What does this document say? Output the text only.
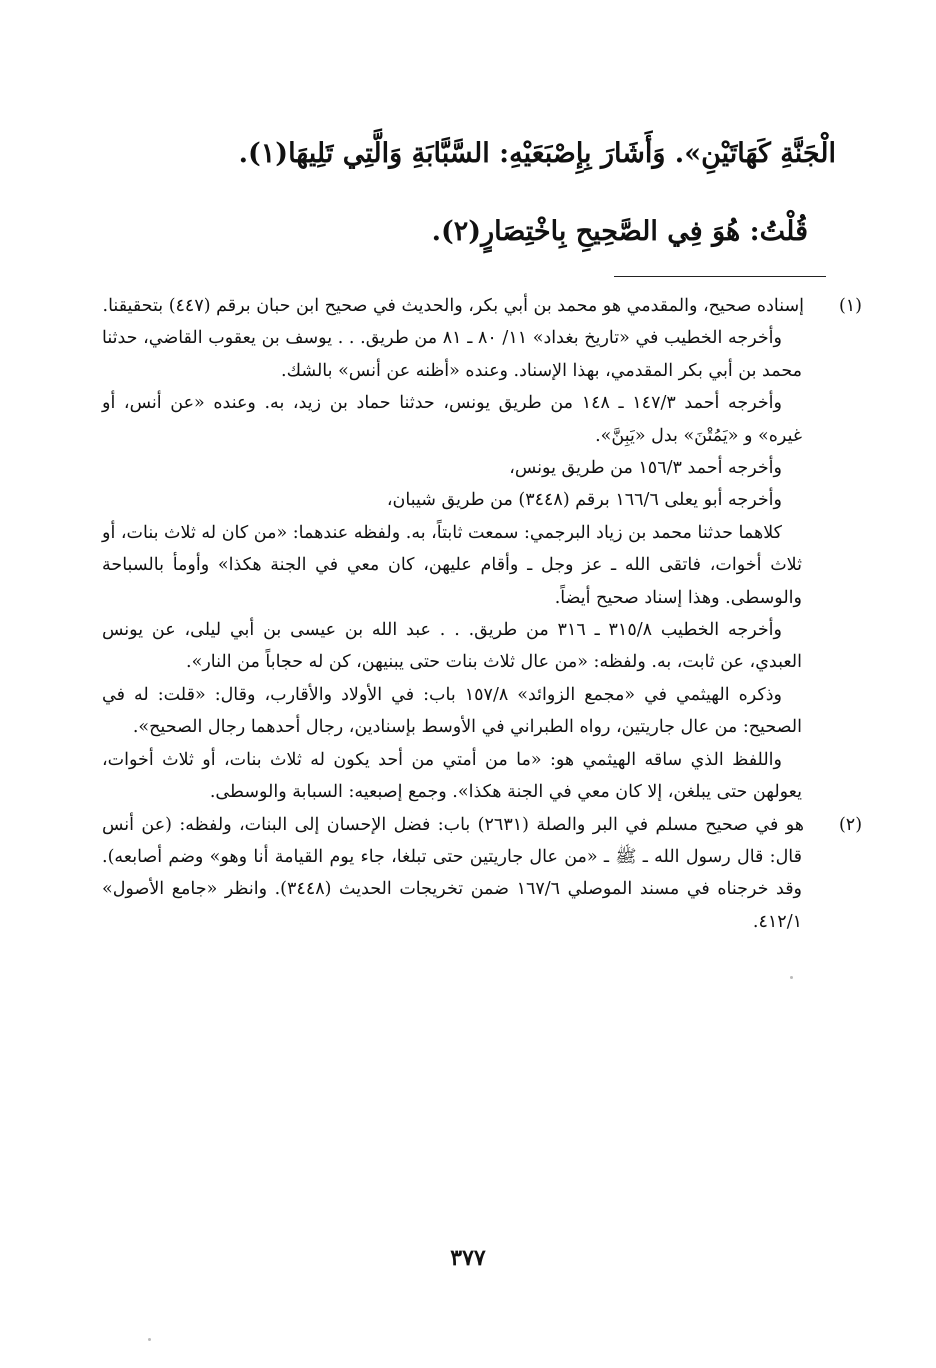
الْجَنَّةِ كَهَاتَيْنِ». وَأَشَارَ بِإِصْبَعَيْهِ: السَّبَّابَةِ وَالَّتِي تَلِيهَا(١).
قُلْتُ: هُوَ فِي الصَّحِيحِ بِاخْتِصَارٍ(٢).

(١)إسناده صحيح، والمقدمي هو محمد بن أبي بكر، والحديث في صحيح ابن حبان برقم (٤٤٧) بتحقيقنا.

وأخرجه الخطيب في «تاريخ بغداد» ١١/ ٨٠ ـ ٨١ من طريق. . . يوسف بن يعقوب القاضي، حدثنا محمد بن أبي بكر المقدمي، بهذا الإسناد. وعنده «أظنه عن أنس» بالشك.

وأخرجه أحمد ١٤٧/٣ ـ ١٤٨ من طريق يونس، حدثنا حماد بن زيد، به. وعنده «عن أنس، أو غيره» و «يَمُتْنَ» بدل «يَبِنَّ».

وأخرجه أحمد ١٥٦/٣ من طريق يونس،

وأخرجه أبو يعلى ١٦٦/٦ برقم (٣٤٤٨) من طريق شيبان،

كلاهما حدثنا محمد بن زياد البرجمي: سمعت ثابتاً، به. ولفظه عندهما: «من كان له ثلاث بنات، أو ثلاث أخوات، فاتقى الله ـ عز وجل ـ وأقام عليهن، كان معي في الجنة هكذا» وأومأ بالسباحة والوسطى. وهذا إسناد صحيح أيضاً.

وأخرجه الخطيب ٣١٥/٨ ـ ٣١٦ من طريق. . . عبد الله بن عيسى بن أبي ليلى، عن يونس العبدي، عن ثابت، به. ولفظه: «من عال ثلاث بنات حتى يبنيهن، كن له حجاباً من النار».

وذكره الهيثمي في «مجمع الزوائد» ١٥٧/٨ باب: في الأولاد والأقارب، وقال: «قلت: له في الصحيح: من عال جاريتين، رواه الطبراني في الأوسط بإسنادين، رجال أحدهما رجال الصحيح».

واللفظ الذي ساقه الهيثمي هو: «ما من أمتي من أحد يكون له ثلاث بنات، أو ثلاث أخوات، يعولهن حتى يبلغن، إلا كان معي في الجنة هكذا». وجمع إصبعيه: السبابة والوسطى.

(٢)هو في صحيح مسلم في البر والصلة (٢٦٣١) باب: فضل الإحسان إلى البنات، ولفظه: (عن أنس قال: قال رسول الله ـ ﷺ ـ «من عال جاريتين حتى تبلغا، جاء يوم القيامة أنا وهو» وضم أصابعه). وقد خرجناه في مسند الموصلي ١٦٧/٦ ضمن تخريجات الحديث (٣٤٤٨). وانظر «جامع الأصول» ٤١٢/١.

٣٧٧
